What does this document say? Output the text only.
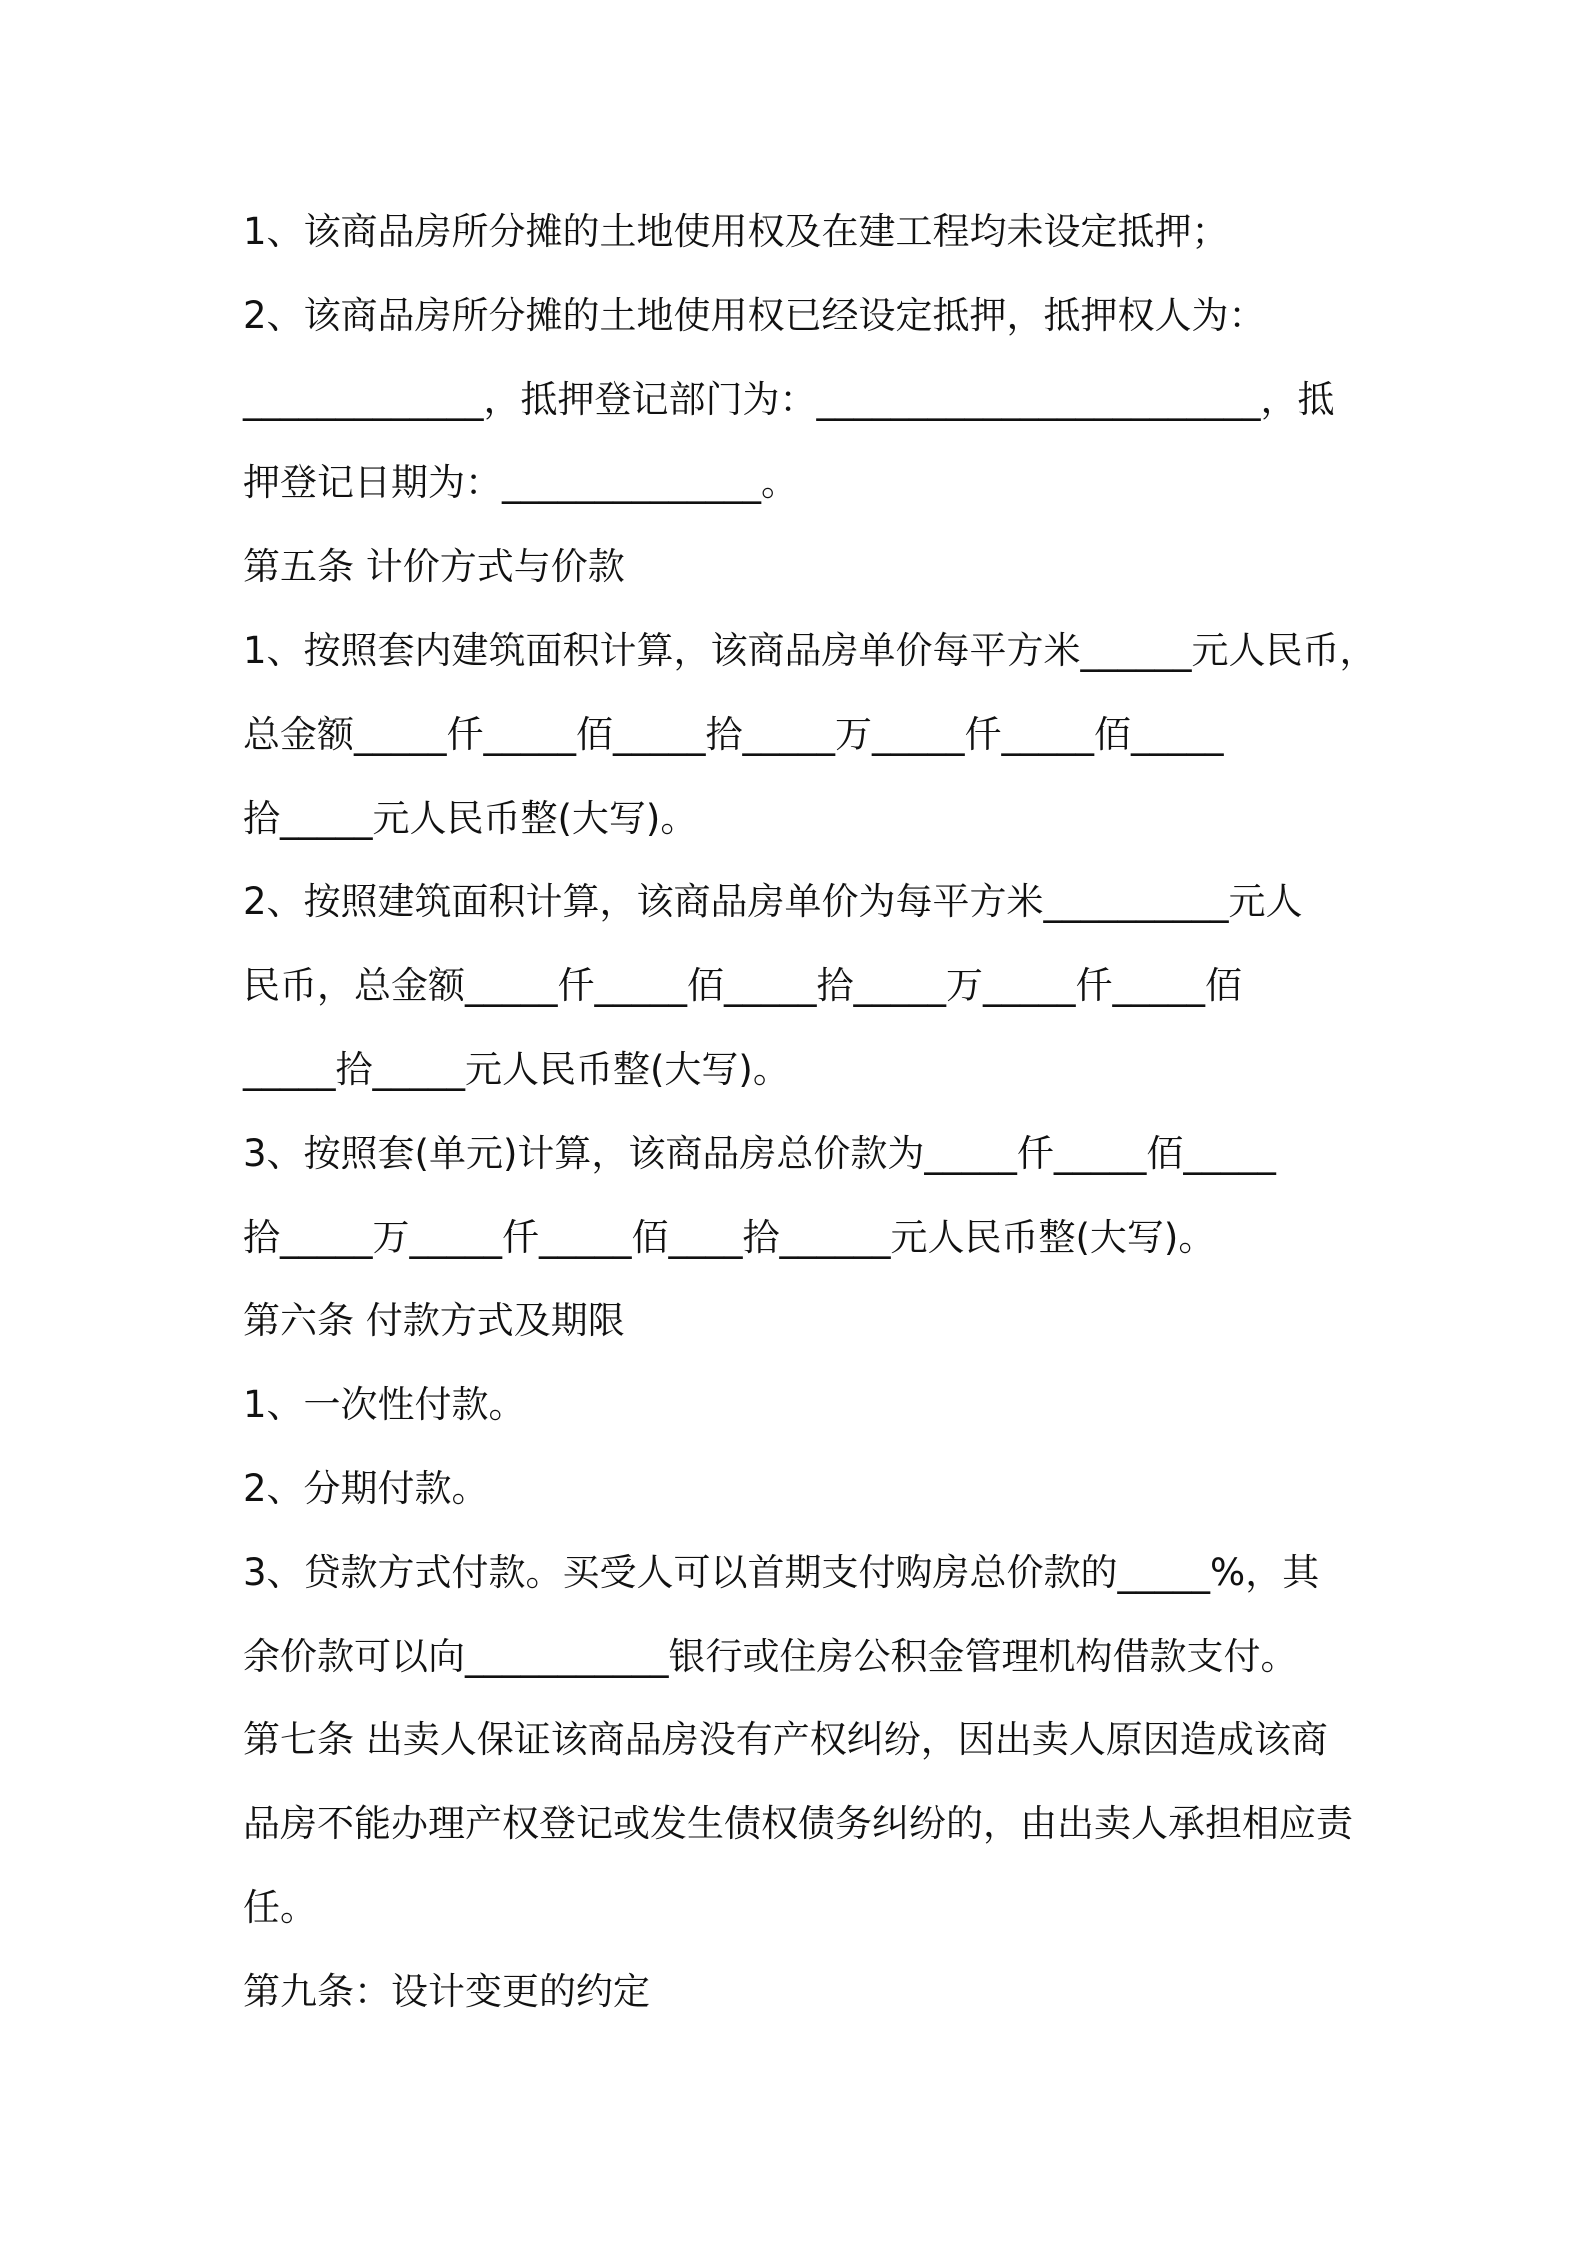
1、该商品房所分摊的土地使用权及在建工程均未设定抵押；
2、该商品房所分摊的土地使用权已经设定抵押，抵押权人为：
_____________，抵押登记部门为：________________________，抵
押登记日期为：______________。
第五条 计价方式与价款
1、按照套内建筑面积计算，该商品房单价每平方米______元人民币，
总金额_____仟_____佰_____拾_____万_____仟_____佰_____
拾_____元人民币整(大写)。
2、按照建筑面积计算，该商品房单价为每平方米__________元人
民币，总金额_____仟_____佰_____拾_____万_____仟_____佰
_____拾_____元人民币整(大写)。
3、按照套(单元)计算，该商品房总价款为_____仟_____佰_____
拾_____万_____仟_____佰____拾______元人民币整(大写)。
第六条 付款方式及期限
1、一次性付款。
2、分期付款。
3、贷款方式付款。买受人可以首期支付购房总价款的_____%，其
余价款可以向___________银行或住房公积金管理机构借款支付。
第七条 出卖人保证该商品房没有产权纠纷，因出卖人原因造成该商
品房不能办理产权登记或发生债权债务纠纷的，由出卖人承担相应责
任。
第九条：设计变更的约定
